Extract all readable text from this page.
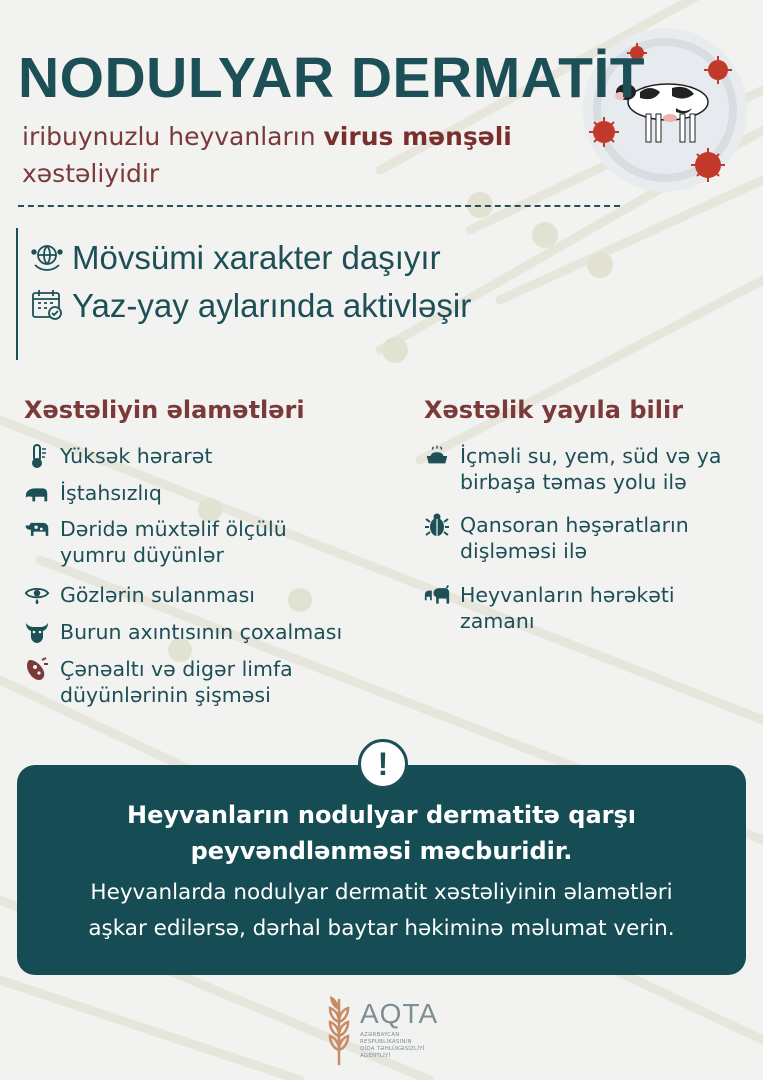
NODULYAR DERMATİT
iribuynuzlu heyvanların virus mənşəli
xəstəliyidir
Mövsümi xarakter daşıyır
Yaz-yay aylarında aktivləşir
Xəstəliyin əlamətləri
Yüksək hərarət
İştahsızlıq
Dəridə müxtəlif ölçülü
yumru düyünlər
Gözlərin sulanması
Burun axıntısının çoxalması
Çənəaltı və digər limfa
düyünlərinin şişməsi
Xəstəlik yayıla bilir
İçməli su, yem, süd və ya
birbaşa təmas yolu ilə
Qansoran həşəratların
dişləməsi ilə
Heyvanların hərəkəti
zamanı
!
Heyvanların nodulyar dermatitə qarşı
peyvəndlənməsi məcburidir.
Heyvanlarda nodulyar dermatit xəstəliyinin əlamətləri
aşkar edilərsə, dərhal baytar həkiminə məlumat verin.
AQTA
AZƏRBAYCAN
RESPUBLİKASININ
QİDA TƏHLÜKƏSİZLİYİ
AGENTLİYİ
